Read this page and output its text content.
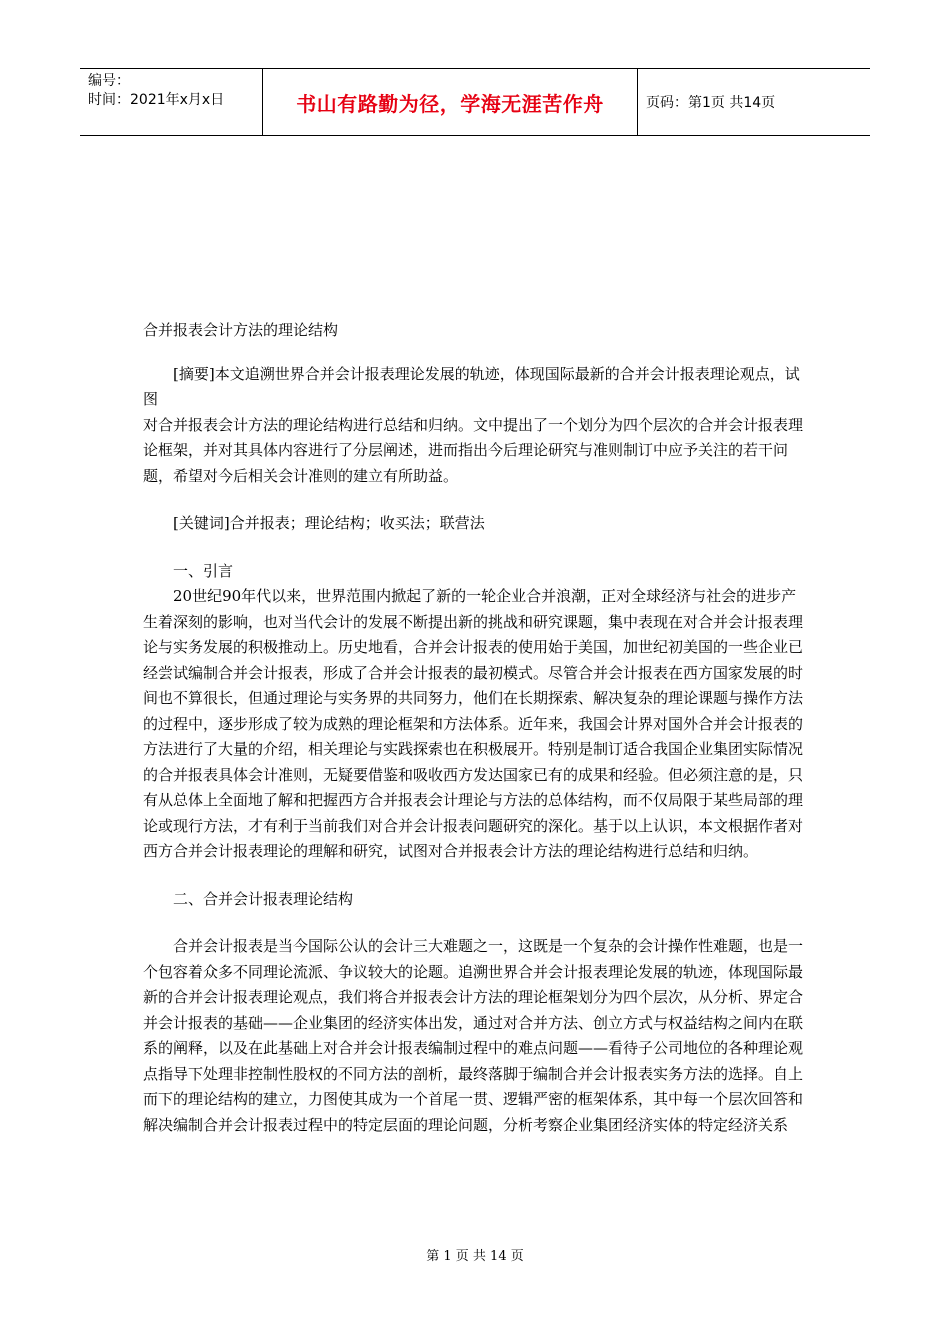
编号：
时间：2021年x月x日	书山有路勤为径，学海无涯苦作舟	页码：第1页 共14页

合并报表会计方法的理论结构

[摘要]本文追溯世界合并会计报表理论发展的轨迹，体现国际最新的合并会计报表理论观点，试图

对合并报表会计方法的理论结构进行总结和归纳。文中提出了一个划分为四个层次的合并会计报表理论框架，并对其具体内容进行了分层阐述，进而指出今后理论研究与准则制订中应予关注的若干问题，希望对今后相关会计准则的建立有所助益。

[关键词]合并报表；理论结构；收买法；联营法

一、引言

20世纪90年代以来，世界范围内掀起了新的一轮企业合并浪潮，正对全球经济与社会的进步产生着深刻的影响，也对当代会计的发展不断提出新的挑战和研究课题，集中表现在对合并会计报表理论与实务发展的积极推动上。历史地看，合并会计报表的使用始于美国，加世纪初美国的一些企业已经尝试编制合并会计报表，形成了合并会计报表的最初模式。尽管合并会计报表在西方国家发展的时间也不算很长，但通过理论与实务界的共同努力，他们在长期探索、解决复杂的理论课题与操作方法的过程中，逐步形成了较为成熟的理论框架和方法体系。近年来，我国会计界对国外合并会计报表的方法进行了大量的介绍，相关理论与实践探索也在积极展开。特别是制订适合我国企业集团实际情况的合并报表具体会计准则，无疑要借鉴和吸收西方发达国家已有的成果和经验。但必须注意的是，只有从总体上全面地了解和把握西方合并报表会计理论与方法的总体结构，而不仅局限于某些局部的理论或现行方法，才有利于当前我们对合并会计报表问题研究的深化。基于以上认识，本文根据作者对西方合并会计报表理论的理解和研究，试图对合并报表会计方法的理论结构进行总结和归纳。

二、合并会计报表理论结构

合并会计报表是当今国际公认的会计三大难题之一，这既是一个复杂的会计操作性难题，也是一个包容着众多不同理论流派、争议较大的论题。追溯世界合并会计报表理论发展的轨迹，体现国际最新的合并会计报表理论观点，我们将合并报表会计方法的理论框架划分为四个层次，从分析、界定合并会计报表的基础——企业集团的经济实体出发，通过对合并方法、创立方式与权益结构之间内在联系的阐释，以及在此基础上对合并会计报表编制过程中的难点问题——看待子公司地位的各种理论观点指导下处理非控制性股权的不同方法的剖析，最终落脚于编制合并会计报表实务方法的选择。自上而下的理论结构的建立，力图使其成为一个首尾一贯、逻辑严密的框架体系，其中每一个层次回答和解决编制合并会计报表过程中的特定层面的理论问题，分析考察企业集团经济实体的特定经济关系

第 1 页 共 14 页
